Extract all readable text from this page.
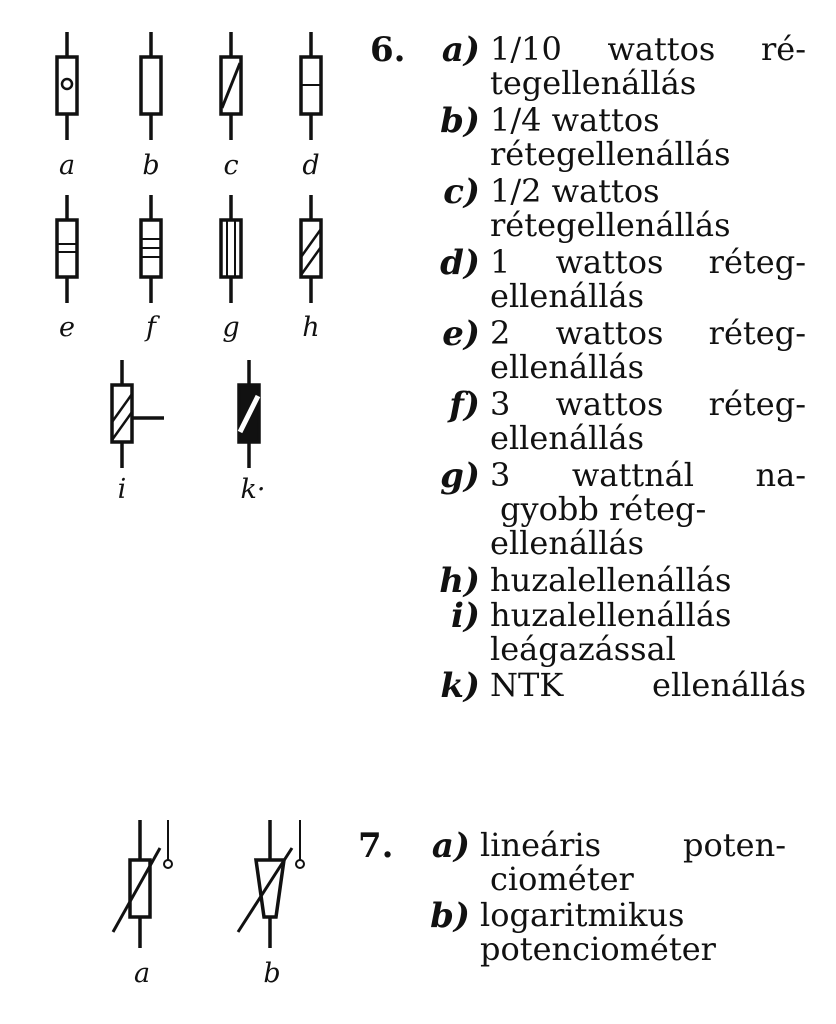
a b c d
e	f g h
i	k·
a	b
6.	a) 1/10 wattos ré-
tegellenállás
b) 1/4 wattos
rétegellenállás
c) 1/2 wattos
rétegellenállás
d) 1 wattos réteg-
ellenállás
e) 2 wattos réteg-
ellenállás
f) 3 wattos réteg-
ellenállás
g) 3 wattnál na-
gyobb réteg-
ellenállás
h) huzalellenállás
i) huzalellenállás
leágazással
k) NTK ellenállás
7.	a) lineáris poten-
ciométer
b) logaritmikus
potenciométer
